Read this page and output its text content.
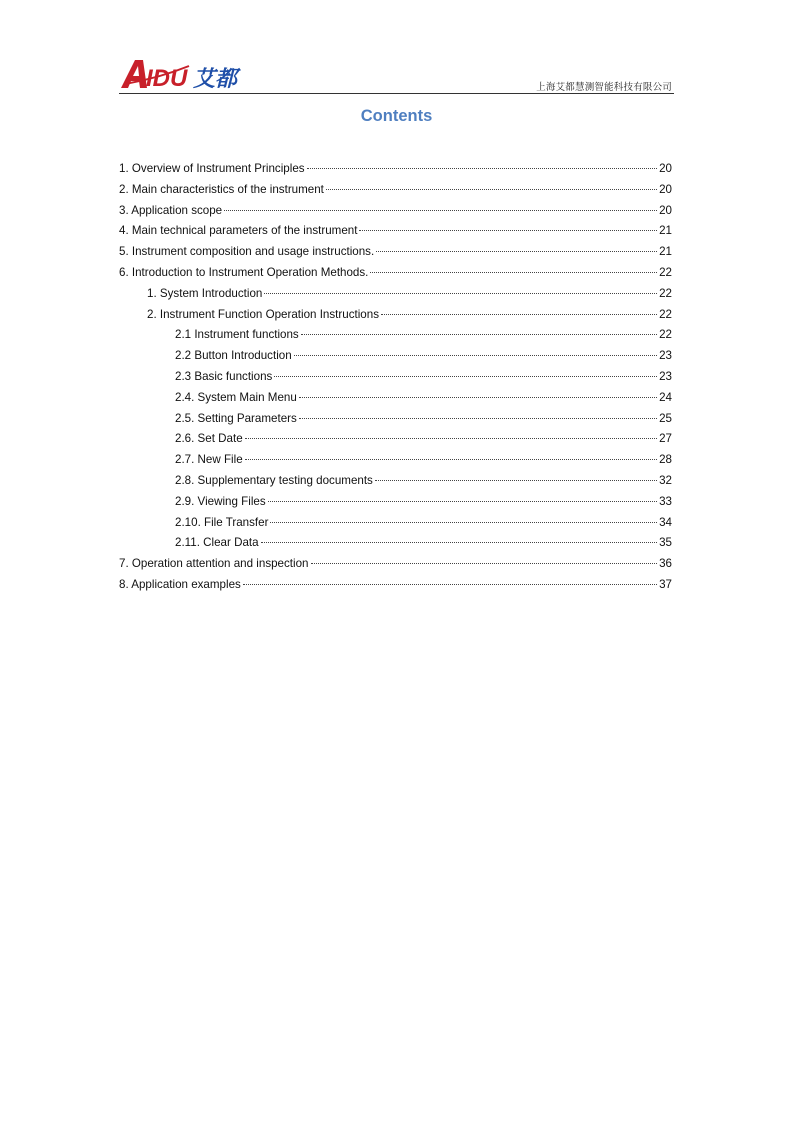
IDU 艾都	上海艾都慧测智能科技有限公司
Contents
1. Overview of Instrument Principles	20
2. Main characteristics of the instrument	20
3. Application scope	20
4. Main technical parameters of the instrument	21
5. Instrument composition and usage instructions.	21
6. Introduction to Instrument Operation Methods.	22
1. System Introduction	22
2. Instrument Function Operation Instructions	22
2.1 Instrument functions	22
2.2 Button Introduction	23
2.3 Basic functions	23
2.4. System Main Menu	24
2.5. Setting Parameters	25
2.6. Set Date	27
2.7. New File	28
2.8. Supplementary testing documents	32
2.9. Viewing Files	33
2.10. File Transfer	34
2.11. Clear Data	35
7. Operation attention and inspection	36
8. Application examples	37
